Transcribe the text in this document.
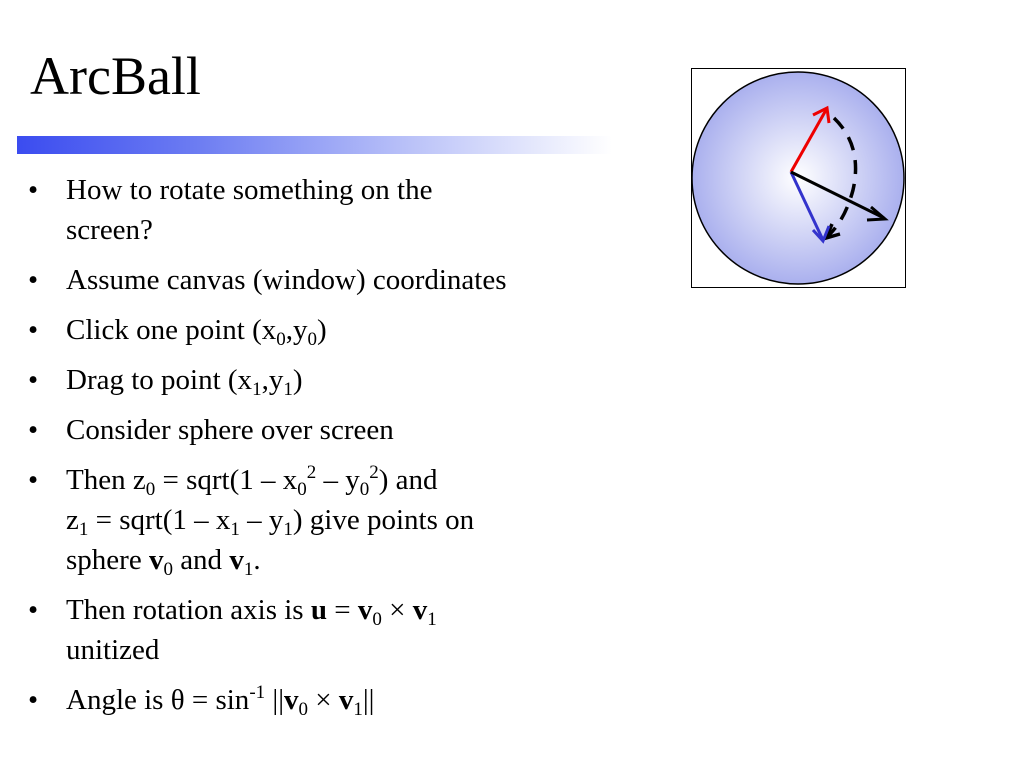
ArcBall
• How to rotate something on the
screen?
• Assume canvas (window) coordinates
• Click one point $(x_0,y_0)$
• Drag to point $(x_1,y_1)$
• Consider sphere over screen
• Then $z_0$ = sqrt(1 – $x_0^2 - y_0^2$) and
$z_1$ = sqrt(1 – $x_1 - y_1$) give points on
sphere $v_0$ and $v_1$.
• Then rotation axis is $u = v_0 \times v_1$
unitized
• Angle is $\theta = \sin^{-1} ||v_0 \times v_1||$
